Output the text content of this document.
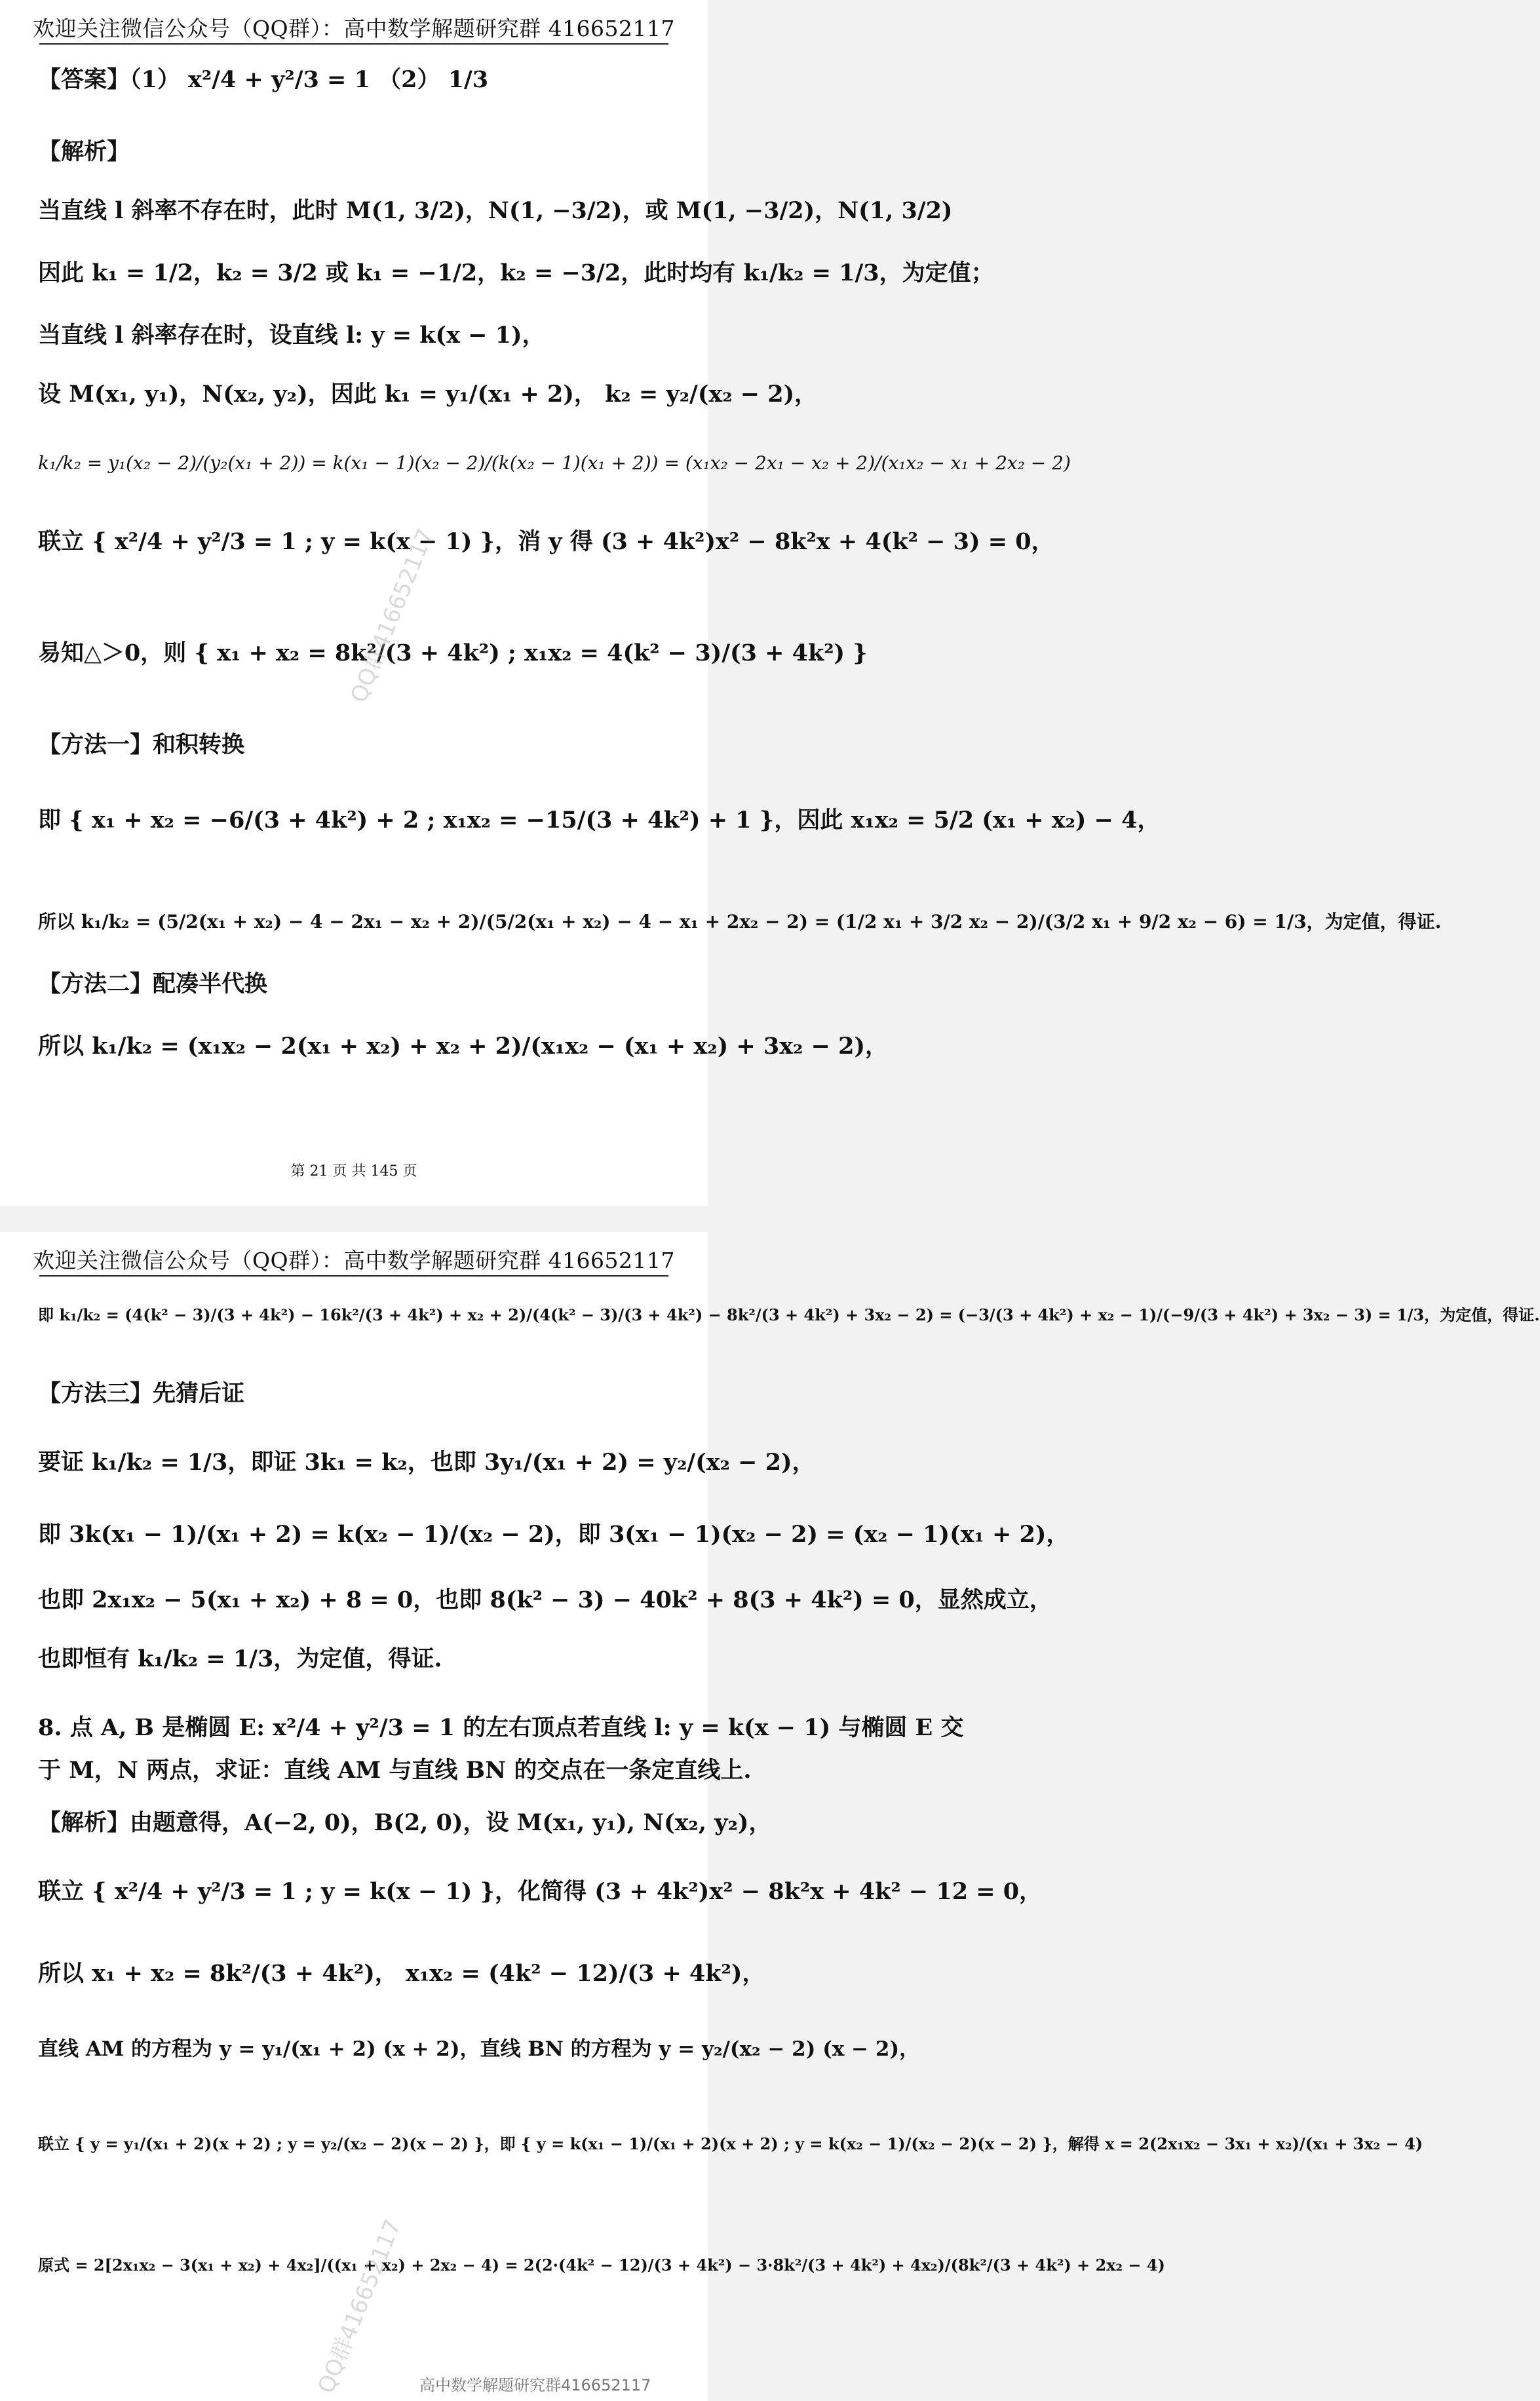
欢迎关注微信公众号（QQ群）：高中数学解题研究群 416652117
【答案】（1） x²/4 + y²/3 = 1 （2） 1/3
【解析】
当直线 l 斜率不存在时，此时 M(1, 3/2)，N(1, −3/2)，或 M(1, −3/2)，N(1, 3/2)
因此 k₁ = 1/2，k₂ = 3/2 或 k₁ = −1/2，k₂ = −3/2，此时均有 k₁/k₂ = 1/3，为定值；
当直线 l 斜率存在时，设直线 l: y = k(x − 1)，
设 M(x₁, y₁)，N(x₂, y₂)，因此 k₁ = y₁/(x₁ + 2)， k₂ = y₂/(x₂ − 2)，
k₁/k₂ = y₁(x₂ − 2)/(y₂(x₁ + 2)) = k(x₁ − 1)(x₂ − 2)/(k(x₂ − 1)(x₁ + 2)) = (x₁x₂ − 2x₁ − x₂ + 2)/(x₁x₂ − x₁ + 2x₂ − 2)
联立 { x²/4 + y²/3 = 1 ; y = k(x − 1) }，消 y 得 (3 + 4k²)x² − 8k²x + 4(k² − 3) = 0，
易知△＞0，则 { x₁ + x₂ = 8k²/(3 + 4k²) ; x₁x₂ = 4(k² − 3)/(3 + 4k²) }
【方法一】和积转换
即 { x₁ + x₂ = −6/(3 + 4k²) + 2 ; x₁x₂ = −15/(3 + 4k²) + 1 }，因此 x₁x₂ = 5/2 (x₁ + x₂) − 4，
所以 k₁/k₂ = (5/2(x₁ + x₂) − 4 − 2x₁ − x₂ + 2)/(5/2(x₁ + x₂) − 4 − x₁ + 2x₂ − 2) = (1/2 x₁ + 3/2 x₂ − 2)/(3/2 x₁ + 9/2 x₂ − 6) = 1/3，为定值，得证.
【方法二】配凑半代换
所以 k₁/k₂ = (x₁x₂ − 2(x₁ + x₂) + x₂ + 2)/(x₁x₂ − (x₁ + x₂) + 3x₂ − 2)，
QQ群416652117
第 21 页 共 145 页
欢迎关注微信公众号（QQ群）：高中数学解题研究群 416652117
即 k₁/k₂ = (4(k² − 3)/(3 + 4k²) − 16k²/(3 + 4k²) + x₂ + 2)/(4(k² − 3)/(3 + 4k²) − 8k²/(3 + 4k²) + 3x₂ − 2) = (−3/(3 + 4k²) + x₂ − 1)/(−9/(3 + 4k²) + 3x₂ − 3) = 1/3，为定值，得证.
【方法三】先猜后证
要证 k₁/k₂ = 1/3，即证 3k₁ = k₂，也即 3y₁/(x₁ + 2) = y₂/(x₂ − 2)，
即 3k(x₁ − 1)/(x₁ + 2) = k(x₂ − 1)/(x₂ − 2)，即 3(x₁ − 1)(x₂ − 2) = (x₂ − 1)(x₁ + 2)，
也即 2x₁x₂ − 5(x₁ + x₂) + 8 = 0，也即 8(k² − 3) − 40k² + 8(3 + 4k²) = 0，显然成立，
也即恒有 k₁/k₂ = 1/3，为定值，得证.
8. 点 A, B 是椭圆 E: x²/4 + y²/3 = 1 的左右顶点若直线 l: y = k(x − 1) 与椭圆 E 交
于 M，N 两点，求证：直线 AM 与直线 BN 的交点在一条定直线上.
【解析】由题意得，A(−2, 0)，B(2, 0)，设 M(x₁, y₁), N(x₂, y₂)，
联立 { x²/4 + y²/3 = 1 ; y = k(x − 1) }，化简得 (3 + 4k²)x² − 8k²x + 4k² − 12 = 0，
所以 x₁ + x₂ = 8k²/(3 + 4k²)， x₁x₂ = (4k² − 12)/(3 + 4k²)，
直线 AM 的方程为 y = y₁/(x₁ + 2) (x + 2)，直线 BN 的方程为 y = y₂/(x₂ − 2) (x − 2)，
联立 { y = y₁/(x₁ + 2)(x + 2) ; y = y₂/(x₂ − 2)(x − 2) }，即 { y = k(x₁ − 1)/(x₁ + 2)(x + 2) ; y = k(x₂ − 1)/(x₂ − 2)(x − 2) }，解得 x = 2(2x₁x₂ − 3x₁ + x₂)/(x₁ + 3x₂ − 4)
原式 = 2[2x₁x₂ − 3(x₁ + x₂) + 4x₂]/((x₁ + x₂) + 2x₂ − 4) = 2(2·(4k² − 12)/(3 + 4k²) − 3·8k²/(3 + 4k²) + 4x₂)/(8k²/(3 + 4k²) + 2x₂ − 4)
QQ群416652117 高中数学解题研究群416652117
